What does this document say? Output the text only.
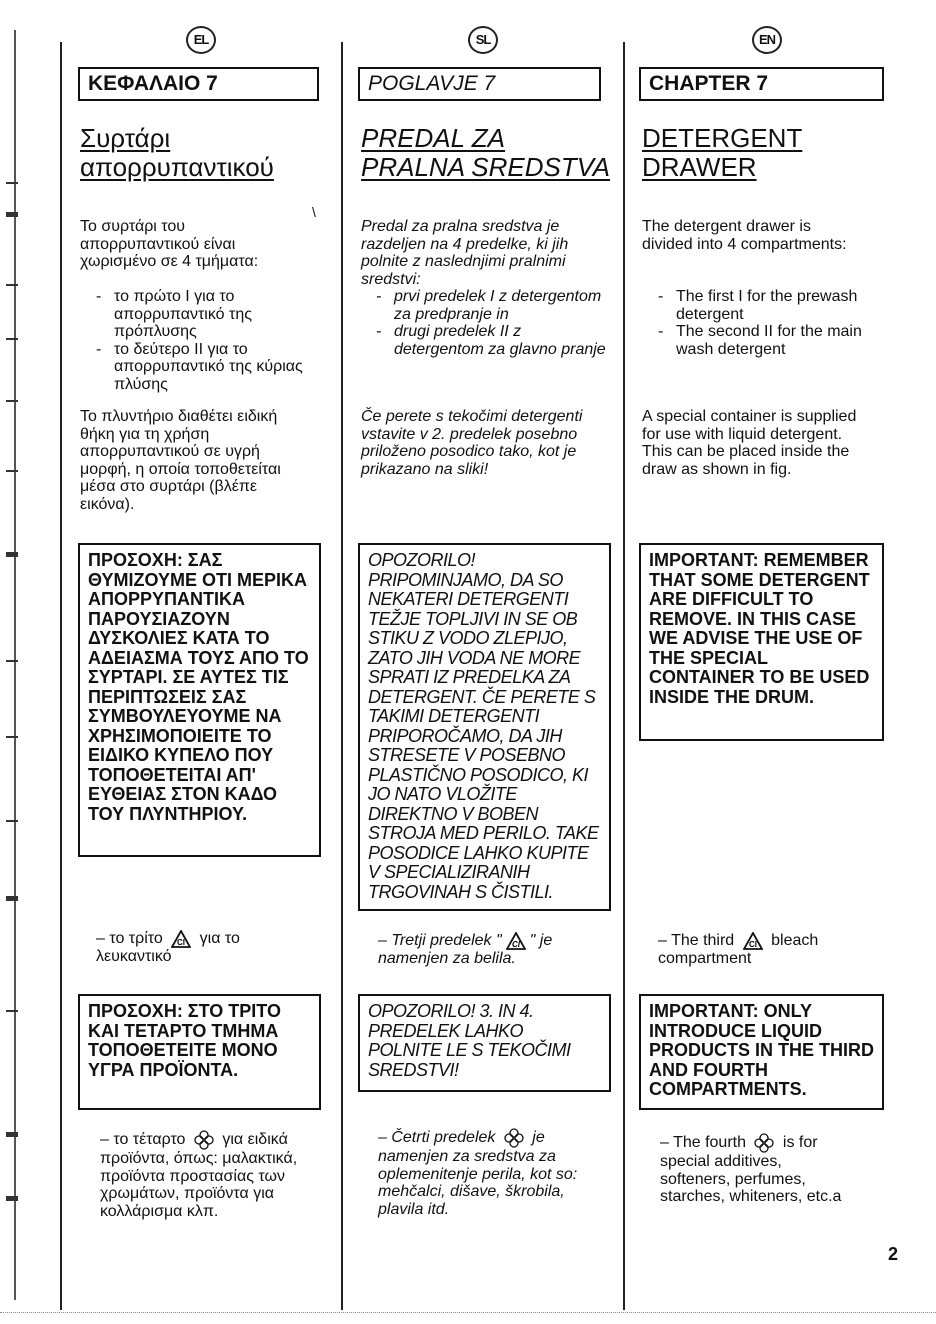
EL
ΚΕΦΑΛΑΙΟ 7
Συρτάρι απορρυπαντικού
\
Το συρτάρι του απορρυπαντικού είναι χωρισμένο σε 4 τμήματα:
- το πρώτο I για το απορρυπαντικό της πρόπλυσης
- το δεύτερο II για το απορρυπαντικό της κύριας πλύσης
Το πλυντήριο διαθέτει ειδική θήκη για τη χρήση απορρυπαντικού σε υγρή μορφή, η οποία τοποθετείται μέσα στο συρτάρι (βλέπε εικόνα).
ΠΡΟΣΟΧΗ: ΣΑΣ ΘΥΜΙΖΟΥΜΕ ΟΤΙ ΜΕΡΙΚΑ ΑΠΟΡΡΥΠΑΝΤΙΚΑ ΠΑΡΟΥΣΙΑΖΟΥΝ ΔΥΣΚΟΛΙΕΣ ΚΑΤΑ ΤΟ ΑΔΕΙΑΣΜΑ ΤΟΥΣ ΑΠΟ ΤΟ ΣΥΡΤΑΡΙ. ΣΕ ΑΥΤΕΣ ΤΙΣ ΠΕΡΙΠΤΩΣΕΙΣ ΣΑΣ ΣΥΜΒΟΥΛΕΥΟΥΜΕ ΝΑ ΧΡΗΣΙΜΟΠΟΙΕΙΤΕ ΤΟ ΕΙΔΙΚΟ ΚΥΠΕΛΟ ΠΟΥ ΤΟΠΟΘΕΤΕΙΤΑΙ ΑΠ' ΕΥΘΕΙΑΣ ΣΤΟΝ ΚΑΔΟ ΤΟΥ ΠΛΥΝΤΗΡΙΟΥ.
– το τρίτο Cl για το λευκαντικό
ΠΡΟΣΟΧΗ: ΣΤΟ ΤΡΙΤΟ ΚΑΙ ΤΕΤΑΡΤΟ ΤΜΗΜΑ ΤΟΠΟΘΕΤΕΙΤΕ ΜΟΝΟ ΥΓΡΑ ΠΡΟΪΟΝΤΑ.
– το τέταρτο για ειδικά προϊόντα, όπως: μαλακτικά, προϊόντα προστασίας των χρωμάτων, προϊόντα για κολλάρισμα κλπ.
SL
POGLAVJE 7
PREDAL ZA PRALNA SREDSTVA
Predal za pralna sredstva je razdeljen na 4 predelke, ki jih polnite z naslednjimi pralnimi sredstvi:
- prvi predelek I z detergentom za predpranje in
- drugi predelek II z detergentom za glavno pranje
Če perete s tekočimi detergenti vstavite v 2. predelek posebno priloženo posodico tako, kot je prikazano na sliki!
OPOZORILO! PRIPOMINJAMO, DA SO NEKATERI DETERGENTI TEŽJE TOPLJIVI IN SE OB STIKU Z VODO ZLEPIJO, ZATO JIH VODA NE MORE SPRATI IZ PREDELKA ZA DETERGENT. ČE PERETE S TAKIMI DETERGENTI PRIPOROČAMO, DA JIH STRESETE V POSEBNO PLASTIČNO POSODICO, KI JO NATO VLOŽITE DIREKTNO V BOBEN STROJA MED PERILO. TAKE POSODICE LAHKO KUPITE V SPECIALIZIRANIH TRGOVINAH S ČISTILI.
– Tretji predelek " Cl " je namenjen za belila.
OPOZORILO! 3. IN 4. PREDELEK LAHKO POLNITE LE S TEKOČIMI SREDSTVI!
– Četrti predelek je namenjen za sredstva za oplemenitenje perila, kot so: mehčalci, dišave, škrobila, plavila itd.
EN
CHAPTER 7
DETERGENT DRAWER
The detergent drawer is divided into 4 compartments:
- The first I for the prewash detergent
- The second II for the main wash detergent
A special container is supplied for use with liquid detergent. This can be placed inside the draw as shown in fig.
IMPORTANT: REMEMBER THAT SOME DETERGENT ARE DIFFICULT TO REMOVE. IN THIS CASE WE ADVISE THE USE OF THE SPECIAL CONTAINER TO BE USED INSIDE THE DRUM.
– The third Cl bleach compartment
IMPORTANT: ONLY INTRODUCE LIQUID PRODUCTS IN THE THIRD AND FOURTH COMPARTMENTS.
– The fourth is for special additives, softeners, perfumes, starches, whiteners, etc.a
2
